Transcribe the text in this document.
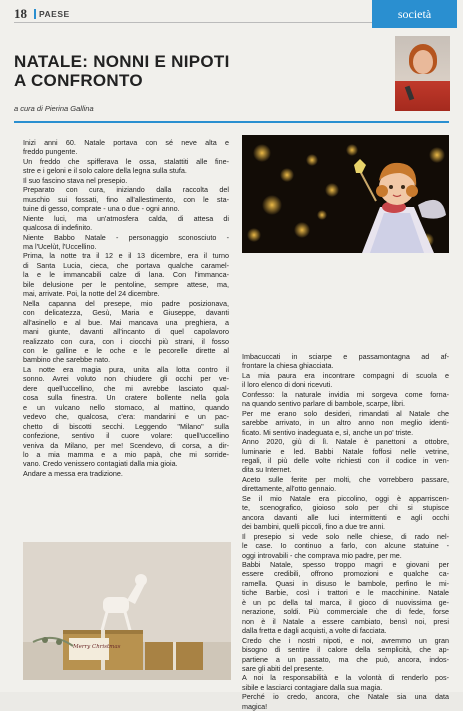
18 PAESE	società
NATALE: NONNI E NIPOTI
A CONFRONTO
a cura di Pierina Gallina
Inizi anni 60. Natale portava con sé neve alta e
freddo pungente.
Un freddo che spifferava le ossa, stalattiti alle fine-
stre e i geloni e il solo calore della legna sulla stufa.
Il suo fascino stava nel presepio.
Preparato con cura, iniziando dalla raccolta del
muschio sui fossati, fino all'allestimento, con le sta-
tuine di gesso, comprate - una o due - ogni anno.
Niente luci, ma un'atmosfera calda, di attesa di
qualcosa di indefinito.
Niente Babbo Natale - personaggio sconosciuto -
ma l'Ucelùt, l'Uccellino.
Prima, la notte tra il 12 e il 13 dicembre, era il turno
di Santa Lucia, cieca, che portava qualche caramel-
la e le immancabili calze di lana. Con l'immanca-
bile delusione per le pentoline, sempre attese, ma,
mai, arrivate. Poi, la notte del 24 dicembre.
Nella capanna del presepe, mio padre posizionava,
con delicatezza, Gesù, Maria e Giuseppe, davanti
all'asinello e al bue. Mai mancava una preghiera, a
mani giunte, davanti all'incanto di quel capolavoro
realizzato con cura, con i ciocchi più strani, il fosso
con le galline e le oche e le pecorelle dirette al
bambino che sarebbe nato.
La notte era magia pura, unita alla lotta contro il
sonno. Avrei voluto non chiudere gli occhi per ve-
dere quell'uccellino, che mi avrebbe lasciato qual-
cosa sulla finestra. Un cratere bollente nella gola
e un vulcano nello stomaco, al mattino, quando
vedevo che, qualcosa, c'era: mandarini e un pac-
chetto di biscotti secchi. Leggendo "Milano" sulla
confezione, sentivo il cuore volare: quell'uccellino
veniva da Milano, per me! Scendevo, di corsa, a dir-
lo a mia mamma e a mio papà, che mi sorride-
vano. Credo venissero contagiati dalla mia gioia.
Andare a messa era tradizione.
Imbacuccati in sciarpe e passamontagna ad af-
frontare la chiesa ghiacciata.
La mia paura era incontrare compagni di scuola e
il loro elenco di doni ricevuti.
Confesso: la naturale invidia mi sorgeva come forna-
na quando sentivo parlare di bambole, scarpe, libri.
Per me erano solo desideri, rimandati al Natale che
sarebbe arrivato, in un altro anno non meglio identi-
ficato. Mi sentivo inadeguata e, sì, anche un po' triste.
Anno 2020, giù di lì. Natale è panettoni a ottobre,
luminarie e led. Babbi Natale foffosi nelle vetrine,
regali, il più delle volte richiesti con il codice in ven-
dita su Internet.
Aceto sulle ferite per molti, che vorrebbero passare,
direttamente, all'otto gennaio.
Se il mio Natale era piccolino, oggi è apparriscen-
te, scenografico, gioioso solo per chi si stupisce
ancora davanti alle luci intermittenti e agli occhi
dei bambini, quelli piccoli, fino a due tre anni.
Il presepio si vede solo nelle chiese, di rado nel-
le case. Io continuo a farlo, con alcune statuine -
oggi introvabili - che comprava mio padre, per me.
Babbi Natale, spesso troppo magri e giovani per
essere credibili, offrono promozioni e qualche ca-
ramella. Quasi in disuso le bambole, perfino le mi-
tiche Barbie, così i trattori e le macchinine. Natale
è un pc della tal marca, il gioco di nuovissima ge-
nerazione, soldi. Più commerciale che di fede, forse
non è il Natale a essere cambiato, bensì noi, presi
dalla fretta e dagli acquisti, a volte di facciata.
Credo che i nostri nipoti, e noi, avremmo un gran
bisogno di sentire il calore della semplicità, che ap-
partiene a un passato, ma che può, ancora, indos-
sare gli abiti del presente.
A noi la responsabilità e la volontà di renderlo pos-
sibile e lasciarci contagiare dalla sua magia.
Perché io credo, ancora, che Natale sia una data
magica!
Merry Christmas
